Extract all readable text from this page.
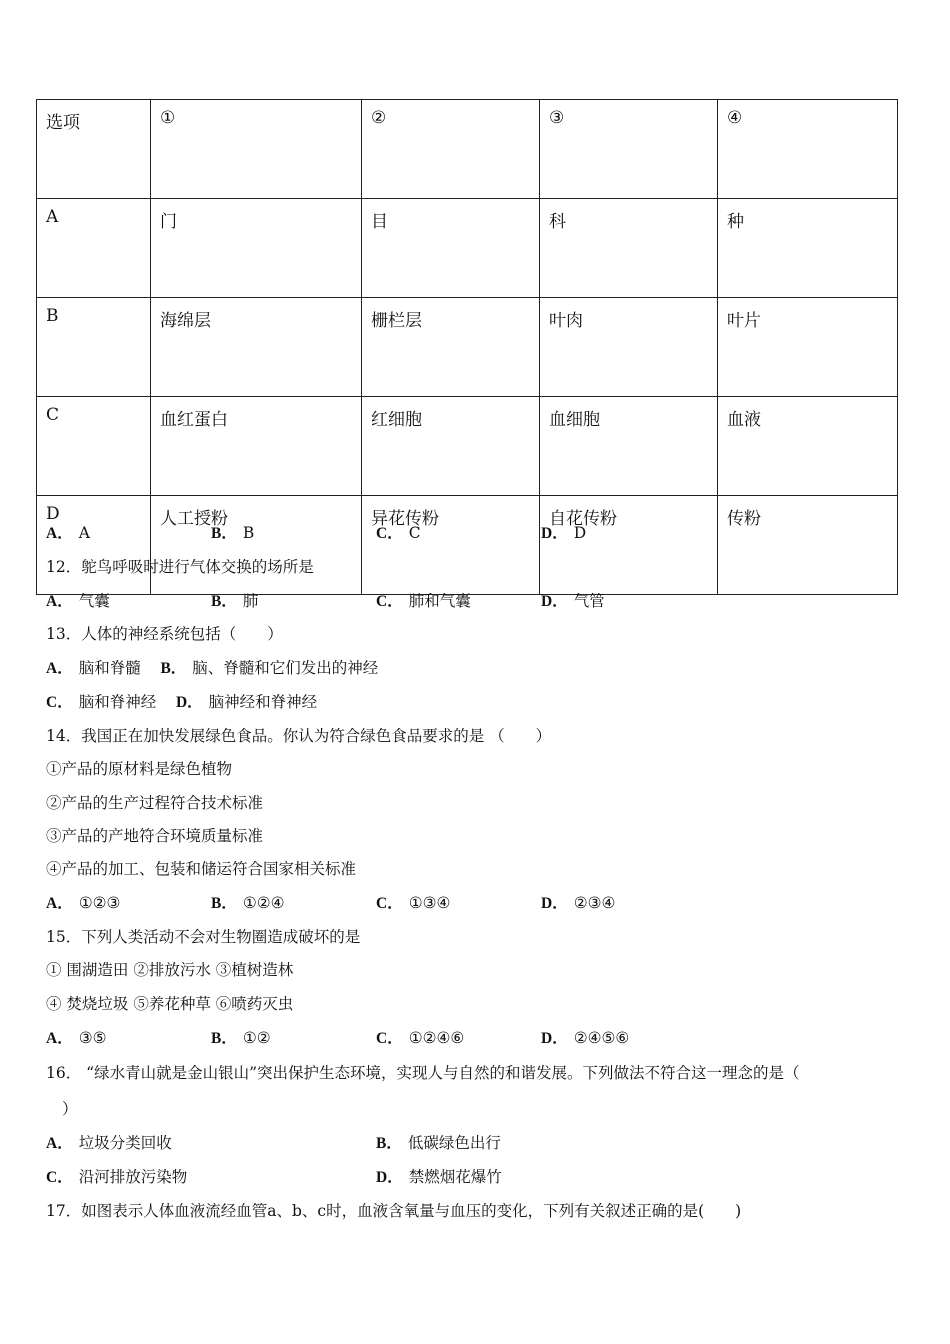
选项	①	②	③	④
A	门	目	科	种
B	海绵层	栅栏层	叶肉	叶片
C	血红蛋白	红细胞	血细胞	血液
D	人工授粉	异花传粉	自花传粉	传粉
A． A	B． B	C． C	D． D
12．鸵鸟呼吸时进行气体交换的场所是
A． 气囊	B． 肺	C． 肺和气囊	D． 气管
13．人体的神经系统包括（　　）
A． 脑和脊髓 B． 脑、脊髓和它们发出的神经
C． 脑和脊神经 D． 脑神经和脊神经
14．我国正在加快发展绿色食品。你认为符合绿色食品要求的是 （　　）
①产品的原材料是绿色植物
②产品的生产过程符合技术标准
③产品的产地符合环境质量标准
④产品的加工、包装和储运符合国家相关标准
A． ①②③	B． ①②④	C． ①③④	D． ②③④
15．下列人类活动不会对生物圈造成破坏的是
① 围湖造田 ②排放污水 ③植树造林
④ 焚烧垃圾 ⑤养花种草 ⑥喷药灭虫
A． ③⑤	B． ①②	C． ①②④⑥	D． ②④⑤⑥
16． “绿水青山就是金山银山”突出保护生态环境，实现人与自然的和谐发展。下列做法不符合这一理念的是（
）
A． 垃圾分类回收	B． 低碳绿色出行
C． 沿河排放污染物	D． 禁燃烟花爆竹
17．如图表示人体血液流经血管a、b、c时，血液含氧量与血压的变化，下列有关叙述正确的是(　　)
